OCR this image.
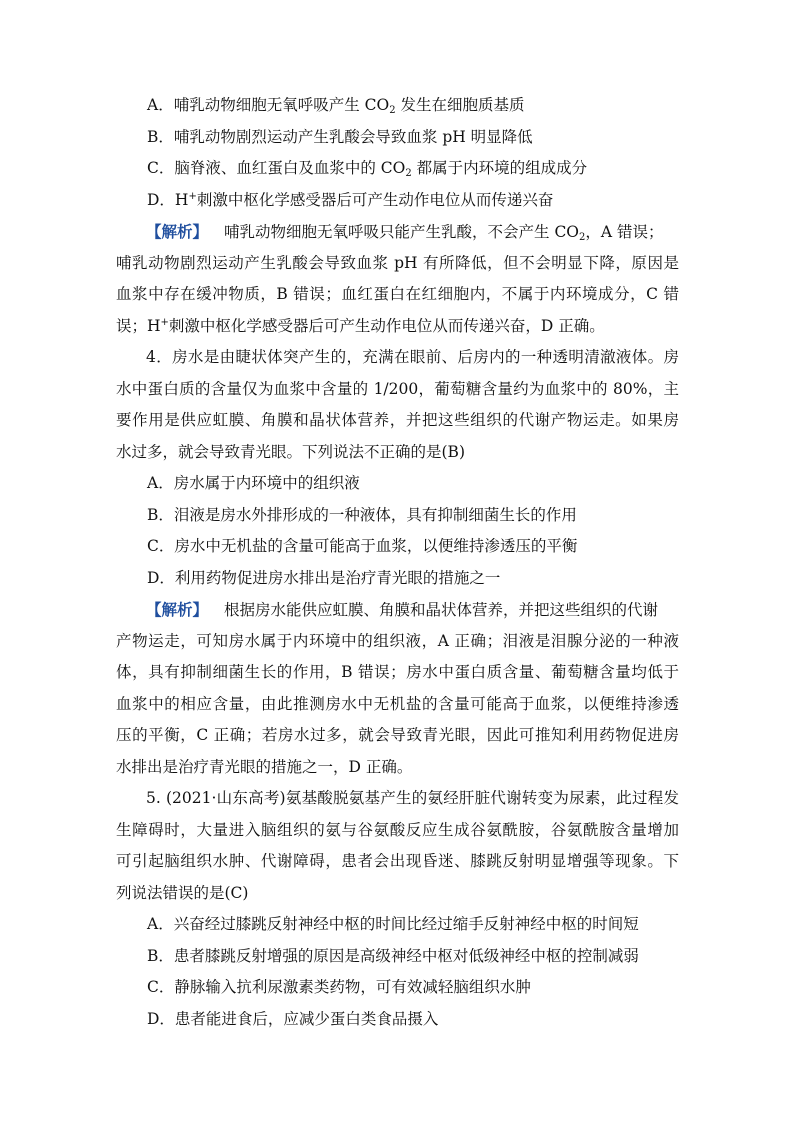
A．哺乳动物细胞无氧呼吸产生 $CO_2$ 发生在细胞质基质
B．哺乳动物剧烈运动产生乳酸会导致血浆 pH 明显降低
C．脑脊液、血红蛋白及血浆中的 $CO_2$ 都属于内环境的组成成分
D．H+刺激中枢化学感受器后可产生动作电位从而传递兴奋
【解析】 哺乳动物细胞无氧呼吸只能产生乳酸，不会产生 $CO_2$，A 错误；
哺乳动物剧烈运动产生乳酸会导致血浆 pH 有所降低，但不会明显下降，原因是
血浆中存在缓冲物质，B 错误；血红蛋白在红细胞内，不属于内环境成分，C 错
误；H+刺激中枢化学感受器后可产生动作电位从而传递兴奋，D 正确。
4．房水是由睫状体突产生的，充满在眼前、后房内的一种透明清澈液体。房
水中蛋白质的含量仅为血浆中含量的 1/200，葡萄糖含量约为血浆中的 80%，主
要作用是供应虹膜、角膜和晶状体营养，并把这些组织的代谢产物运走。如果房
水过多，就会导致青光眼。下列说法不正确的是(B)
A．房水属于内环境中的组织液
B．泪液是房水外排形成的一种液体，具有抑制细菌生长的作用
C．房水中无机盐的含量可能高于血浆，以便维持渗透压的平衡
D．利用药物促进房水排出是治疗青光眼的措施之一
【解析】 根据房水能供应虹膜、角膜和晶状体营养，并把这些组织的代谢
产物运走，可知房水属于内环境中的组织液，A 正确；泪液是泪腺分泌的一种液
体，具有抑制细菌生长的作用，B 错误；房水中蛋白质含量、葡萄糖含量均低于
血浆中的相应含量，由此推测房水中无机盐的含量可能高于血浆，以便维持渗透
压的平衡，C 正确；若房水过多，就会导致青光眼，因此可推知利用药物促进房
水排出是治疗青光眼的措施之一，D 正确。
5. (2021·山东高考)氨基酸脱氨基产生的氨经肝脏代谢转变为尿素，此过程发
生障碍时，大量进入脑组织的氨与谷氨酸反应生成谷氨酰胺，谷氨酰胺含量增加
可引起脑组织水肿、代谢障碍，患者会出现昏迷、膝跳反射明显增强等现象。下
列说法错误的是(C)
A．兴奋经过膝跳反射神经中枢的时间比经过缩手反射神经中枢的时间短
B．患者膝跳反射增强的原因是高级神经中枢对低级神经中枢的控制减弱
C．静脉输入抗利尿激素类药物，可有效减轻脑组织水肿
D．患者能进食后，应减少蛋白类食品摄入
